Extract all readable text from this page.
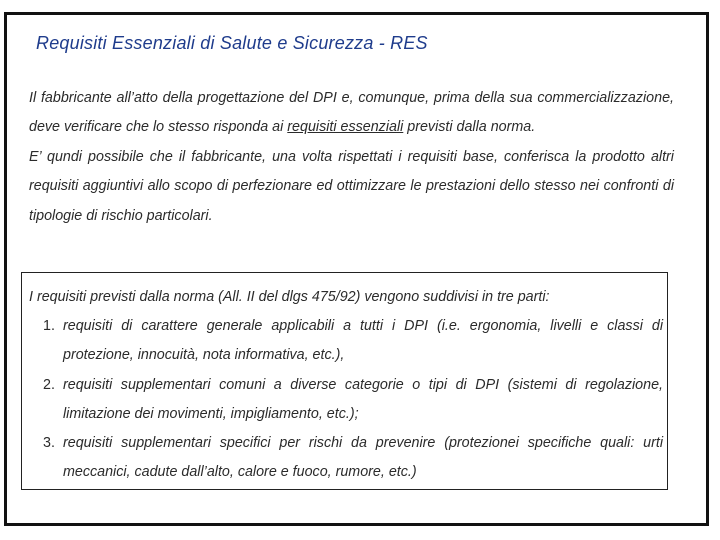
Requisiti Essenziali di Salute e Sicurezza - RES

Il fabbricante all’atto della progettazione del DPI e, comunque, prima della sua commercializzazione, deve verificare che lo stesso risponda ai requisiti essenziali previsti dalla norma.

E’ qundi possibile che il fabbricante, una volta rispettati i requisiti base, conferisca la prodotto altri requisiti aggiuntivi allo scopo di perfezionare ed ottimizzare le prestazioni dello stesso nei confronti di tipologie di rischio particolari.

I requisiti previsti dalla norma (All. II del dlgs 475/92) vengono suddivisi in tre parti:

1. requisiti di carattere generale applicabili a tutti i DPI (i.e. ergonomia, livelli e classi di protezione, innocuità, nota informativa, etc.),
2. requisiti supplementari comuni a diverse categorie o tipi di DPI (sistemi di regolazione, limitazione dei movimenti, impigliamento, etc.);
3. requisiti supplementari specifici per rischi da prevenire (protezionei specifiche quali: urti meccanici, cadute dall’alto, calore e fuoco, rumore, etc.)
